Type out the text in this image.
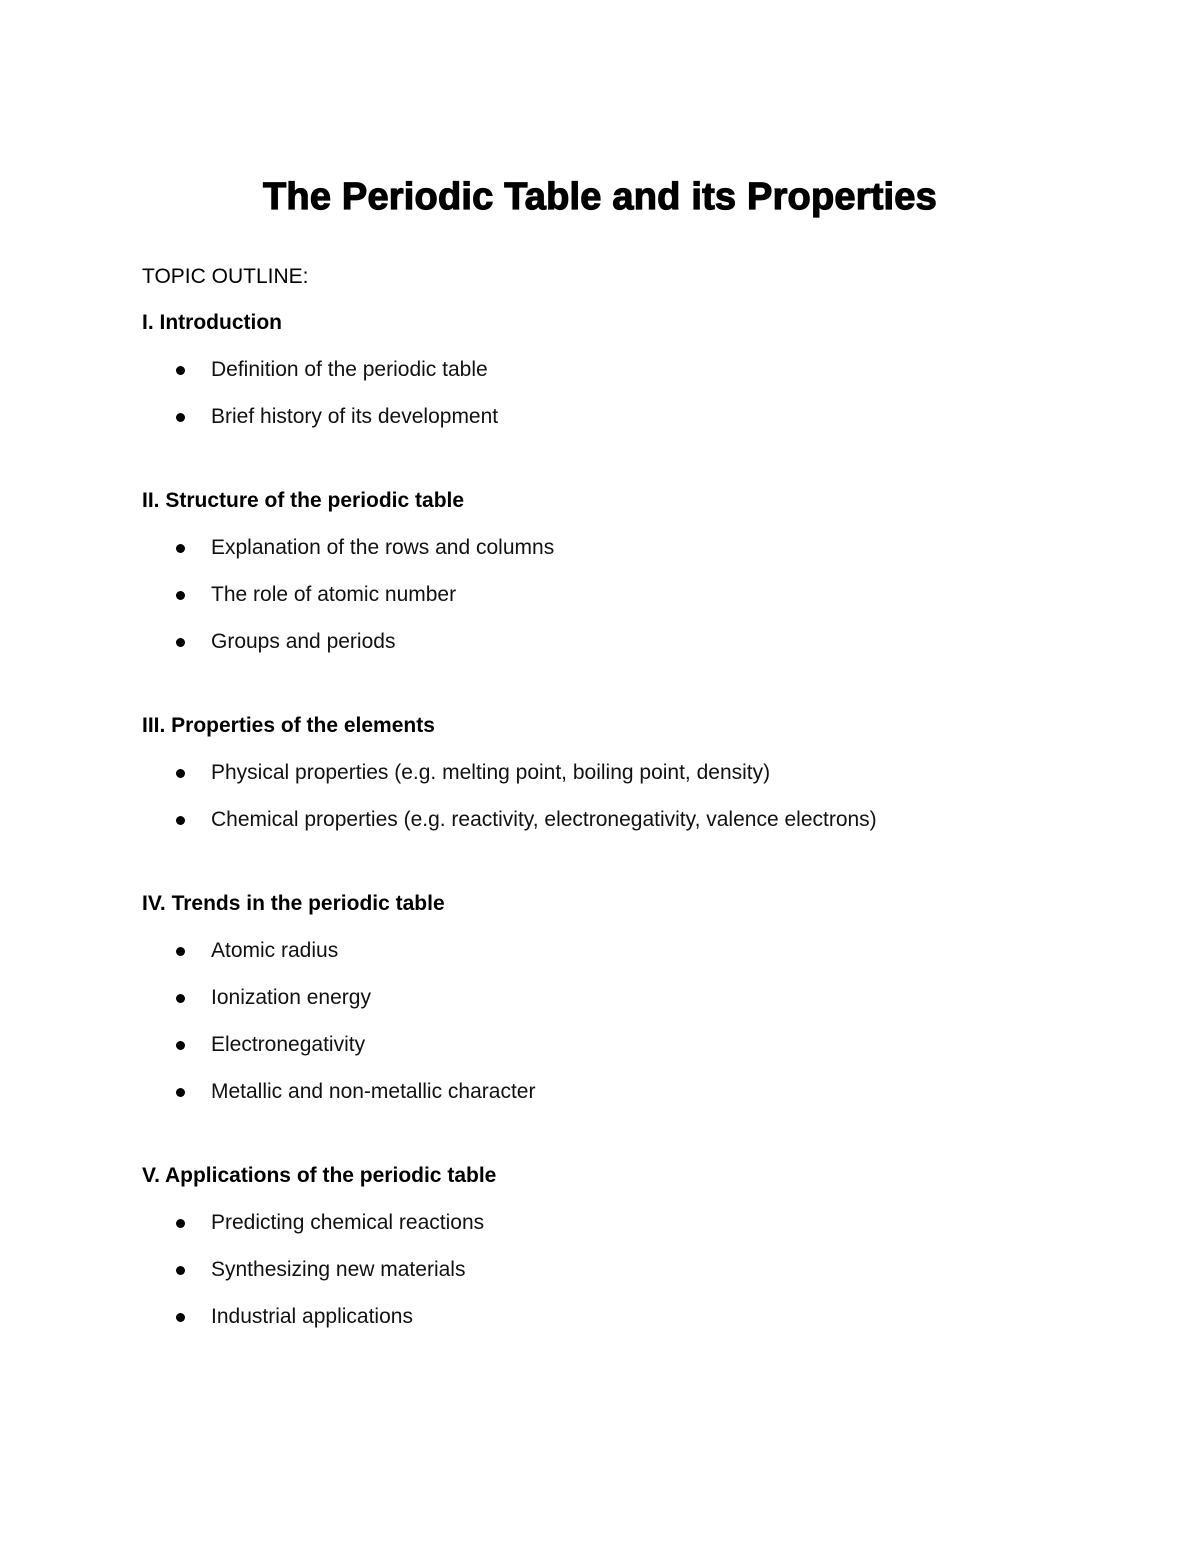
The Periodic Table and its Properties
TOPIC OUTLINE:
I. Introduction
Definition of the periodic table
Brief history of its development
II. Structure of the periodic table
Explanation of the rows and columns
The role of atomic number
Groups and periods
III. Properties of the elements
Physical properties (e.g. melting point, boiling point, density)
Chemical properties (e.g. reactivity, electronegativity, valence electrons)
IV. Trends in the periodic table
Atomic radius
Ionization energy
Electronegativity
Metallic and non-metallic character
V. Applications of the periodic table
Predicting chemical reactions
Synthesizing new materials
Industrial applications
